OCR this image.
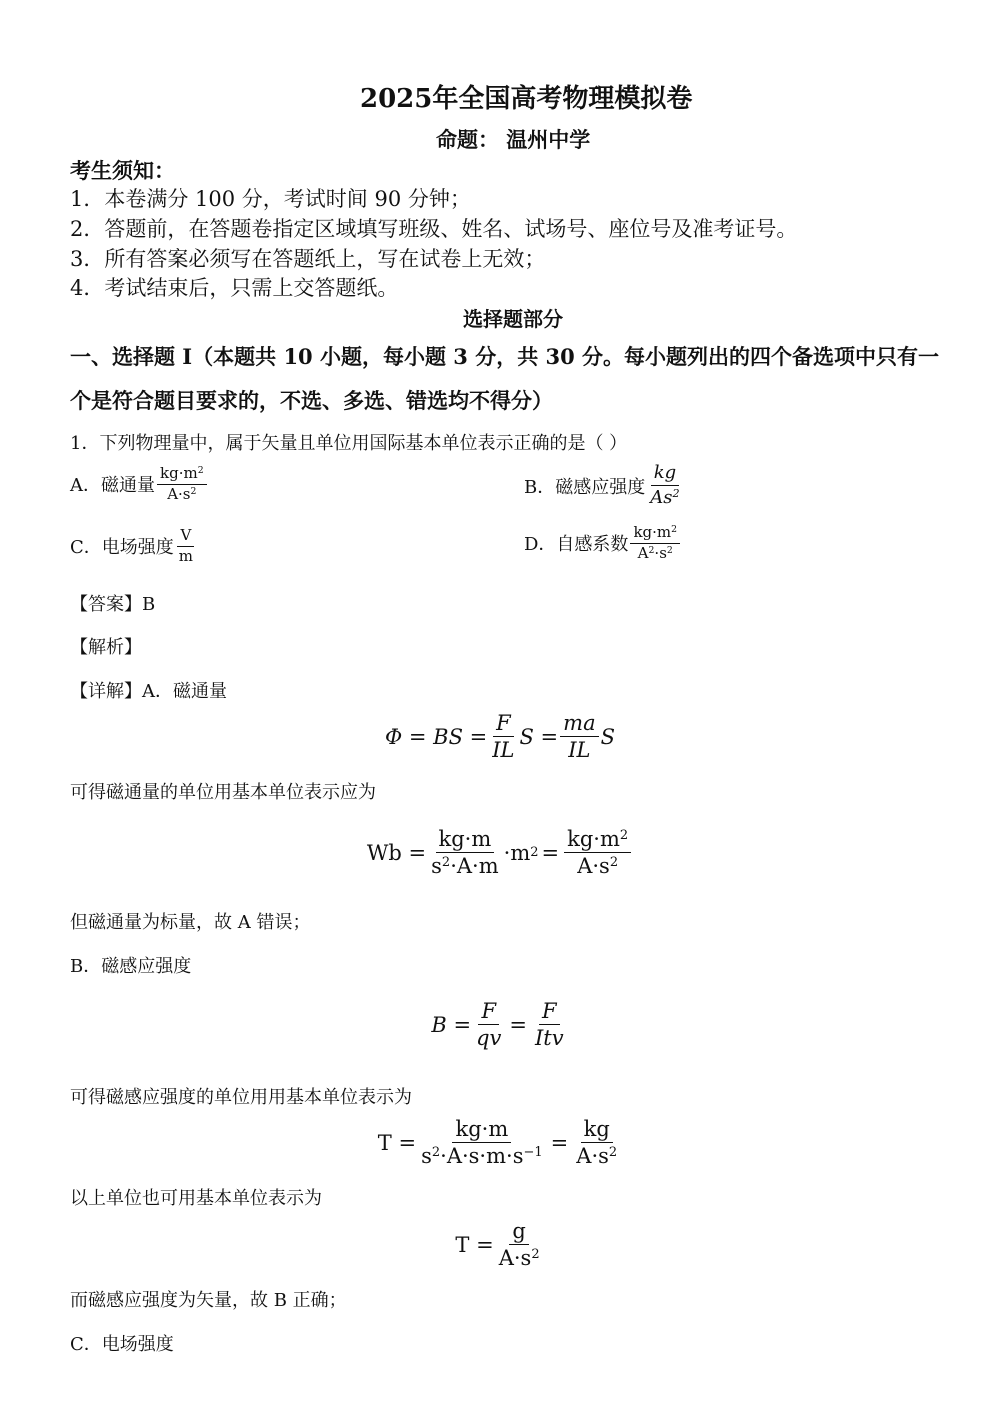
2025年全国高考物理模拟卷
命题： 温州中学
考生须知：
1．本卷满分 100 分，考试时间 90 分钟；
2．答题前，在答题卷指定区域填写班级、姓名、试场号、座位号及准考证号。
3．所有答案必须写在答题纸上，写在试卷上无效；
4．考试结束后，只需上交答题纸。
选择题部分
一、选择题 I（本题共 10 小题，每小题 3 分，共 30 分。每小题列出的四个备选项中只有一
个是符合题目要求的，不选、多选、错选均不得分）
1．下列物理量中，属于矢量且单位用国际基本单位表示正确的是（ ）
A．磁通量 $\frac{kg\cdot m^2}{A\cdot s^2}$	B．磁感应强度 $\frac{kg}{As^2}$
C．电场强度 $\frac{V}{m}$	D．自感系数 $\frac{kg\cdot m^2}{A^2\cdot s^2}$
【答案】B
【解析】
【详解】A．磁通量
Φ = BS = $\frac{F}{IL}$ $S = \frac{ma}{IL}$ S
可得磁通量的单位用基本单位表示应为
$Wb = \frac{kg\cdot m}{s^2\cdot A\cdot m} \cdot m$ $2 = \frac{kg\cdot m^2}{A\cdot s^2}$
但磁通量为标量，故 A 错误；
B．磁感应强度
$B = \frac{F}{qv} = \frac{F}{\text{Itv}}$
可得磁感应强度的单位用用基本单位表示为
$T = \frac{kg\cdot m}{s^2\cdot A\cdot s\cdot m\cdot s^{-1}} = \frac{kg}{A\cdot s^2}$
以上单位也可用基本单位表示为
$T = \frac{g}{A\cdot s^2}$
而磁感应强度为矢量，故 B 正确；
C．电场强度
